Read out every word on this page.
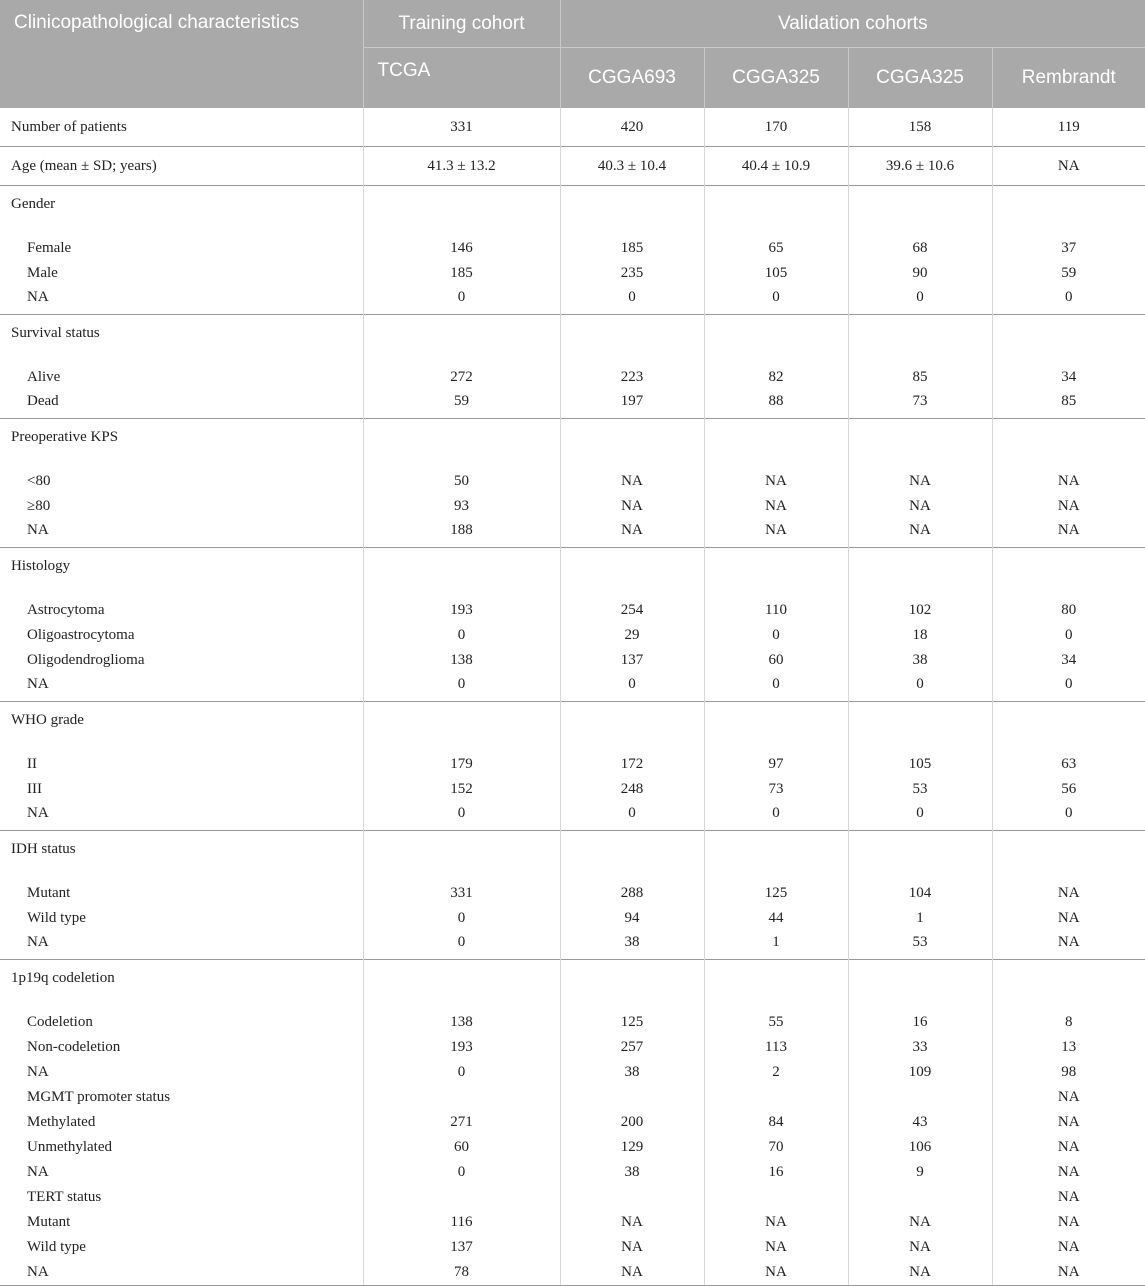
Clinicopathological characteristics	Training cohort	Validation cohorts			
	TCGA	CGGA693	CGGA325	CGGA325	Rembrandt
Number of patients	331	420	170	158	119
Age (mean ± SD; years)	41.3 ± 13.2	40.3 ± 10.4	40.4 ± 10.9	39.6 ± 10.6	NA
Gender					
Female	146	185	65	68	37
Male	185	235	105	90	59
NA	0	0	0	0	0
Survival status					
Alive	272	223	82	85	34
Dead	59	197	88	73	85
Preoperative KPS					
<80	50	NA	NA	NA	NA
≥80	93	NA	NA	NA	NA
NA	188	NA	NA	NA	NA
Histology					
Astrocytoma	193	254	110	102	80
Oligoastrocytoma	0	29	0	18	0
Oligodendroglioma	138	137	60	38	34
NA	0	0	0	0	0
WHO grade					
II	179	172	97	105	63
III	152	248	73	53	56
NA	0	0	0	0	0
IDH status					
Mutant	331	288	125	104	NA
Wild type	0	94	44	1	NA
NA	0	38	1	53	NA
1p19q codeletion					
Codeletion	138	125	55	16	8
Non-codeletion	193	257	113	33	13
NA	0	38	2	109	98
MGMT promoter status					NA
Methylated	271	200	84	43	NA
Unmethylated	60	129	70	106	NA
NA	0	38	16	9	NA
TERT status					NA
Mutant	116	NA	NA	NA	NA
Wild type	137	NA	NA	NA	NA
NA	78	NA	NA	NA	NA
